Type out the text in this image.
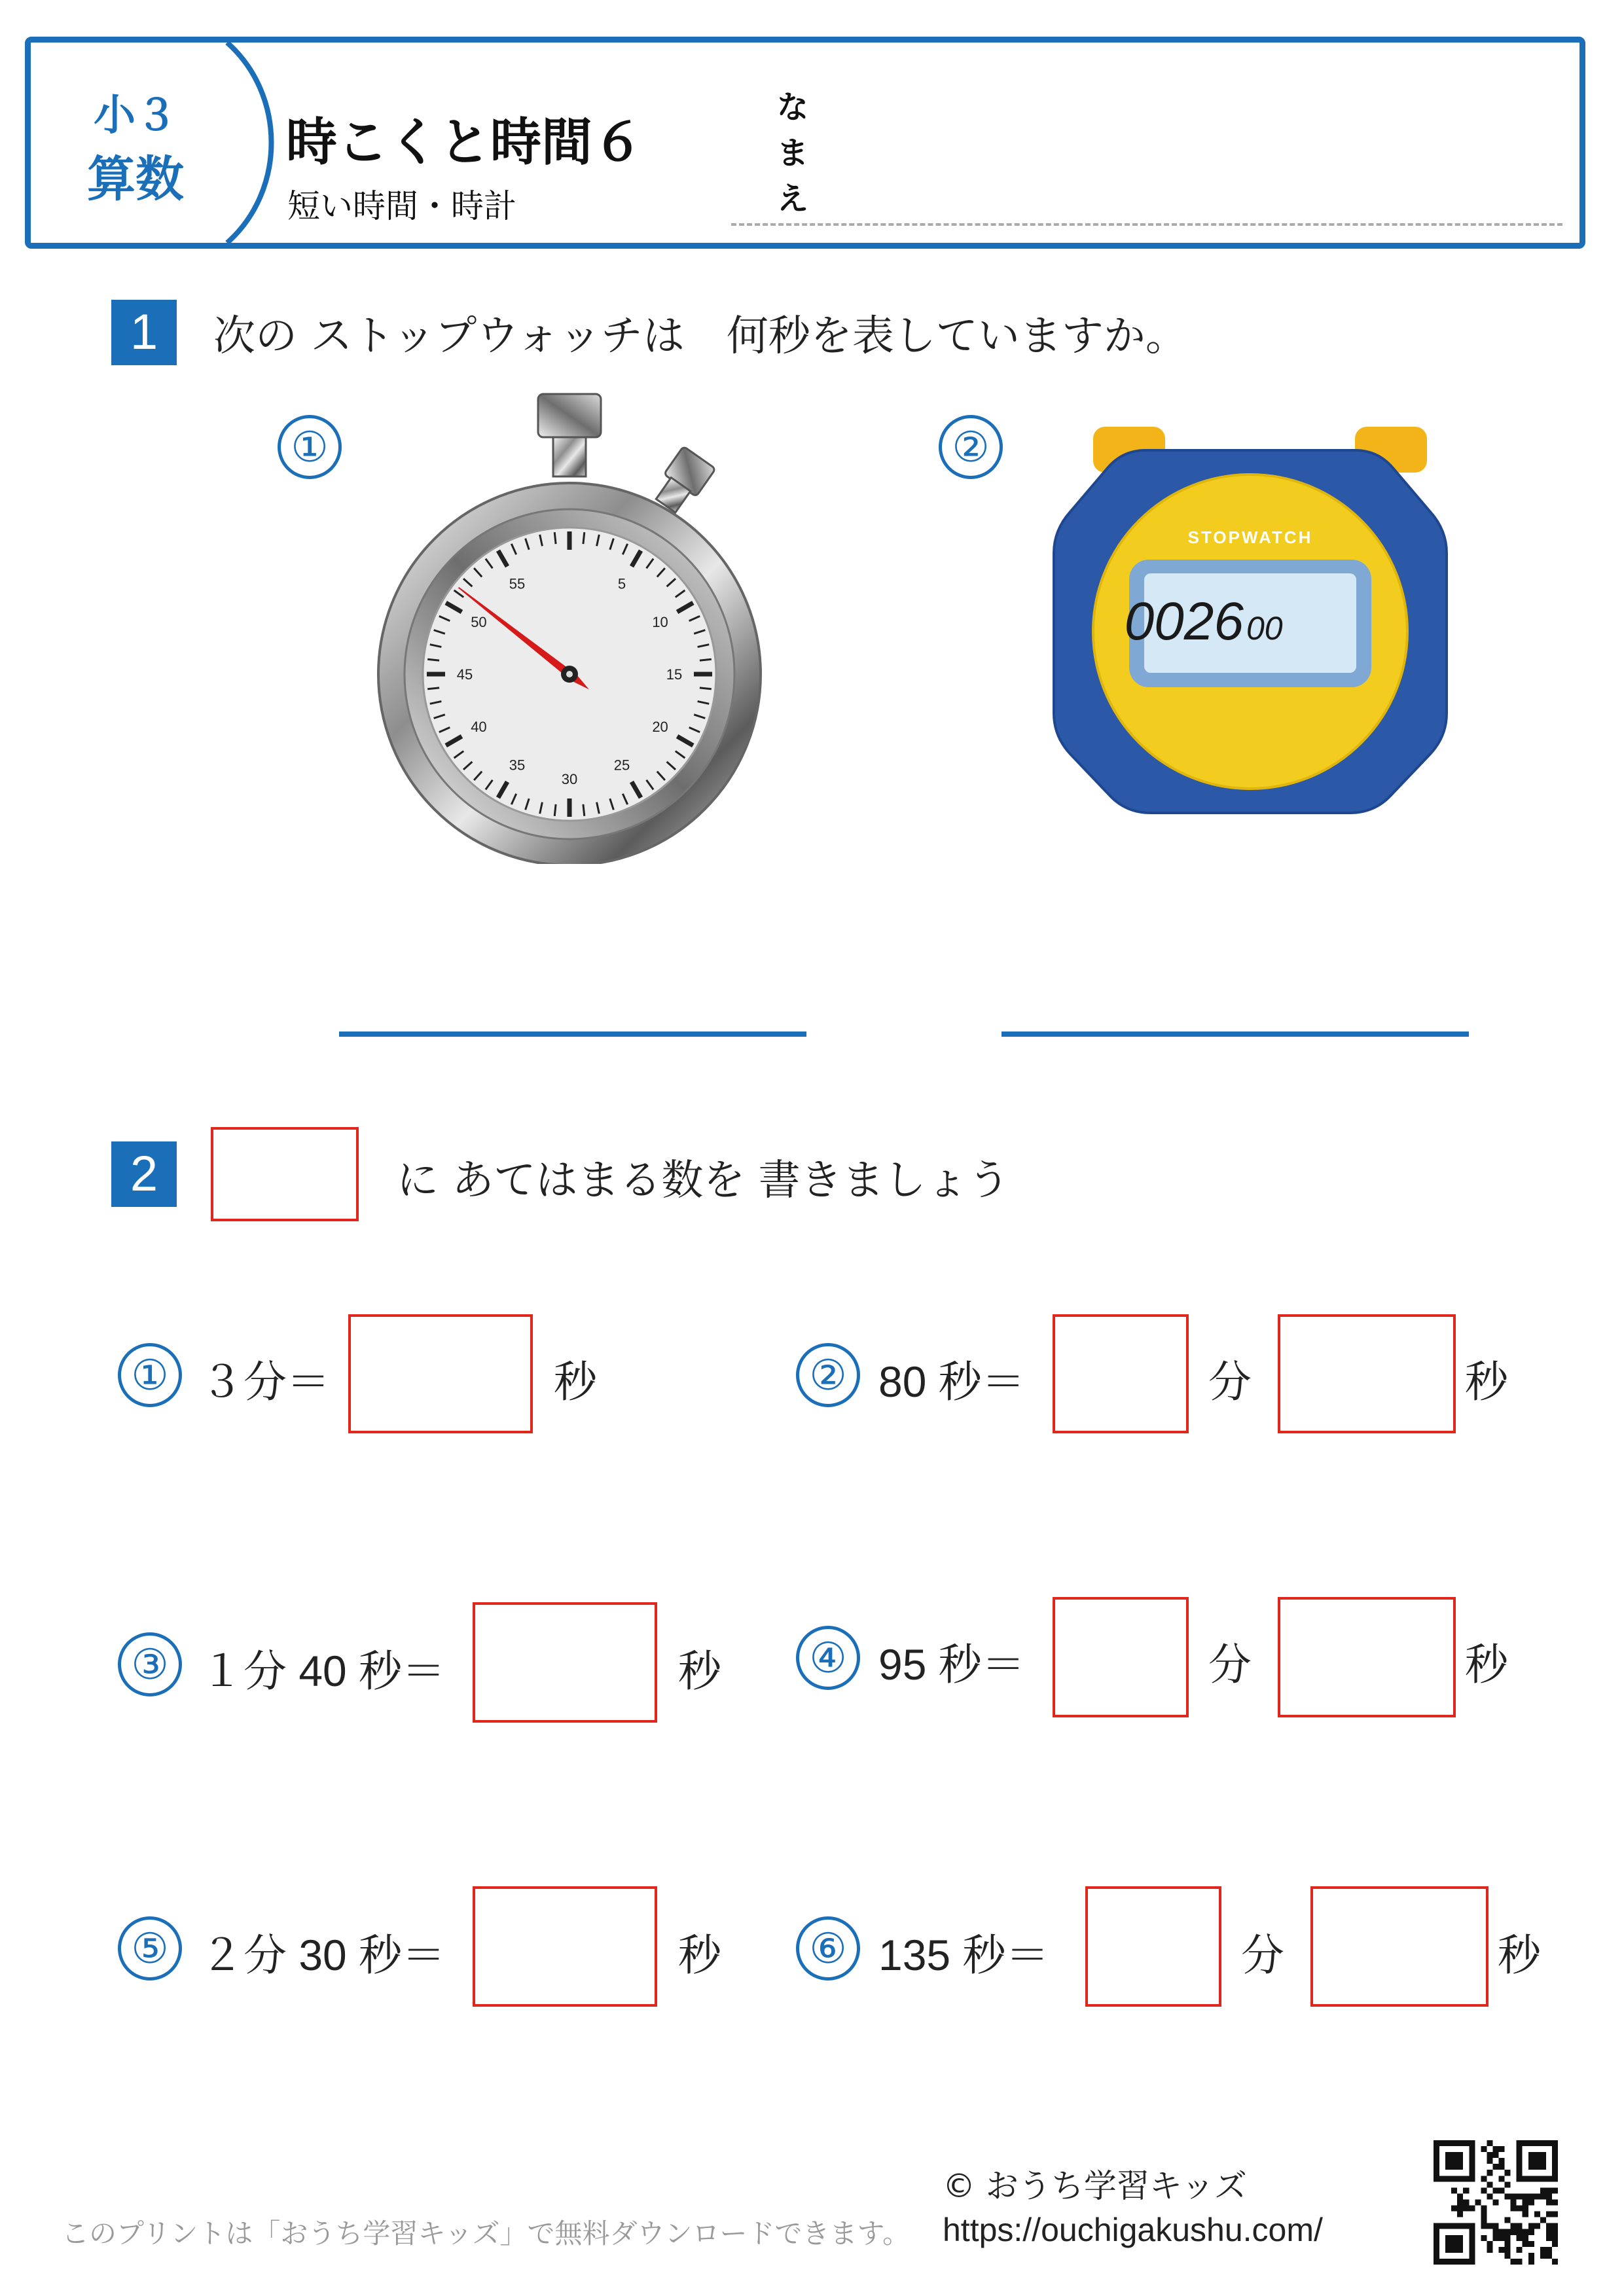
小３
算数
時こくと時間６
短い時間・時計
な
ま
え
1	次の ストップウォッチは　何秒を表していますか。
①	②
5
10
15
20
25
30
35
40
45
50
55
STOPWATCH
0026 00
2	に あてはまる数を 書きましょう
① ３分＝	秒	② 80 秒＝	分	秒
③ １分 40 秒＝	秒	④ 95 秒＝	分	秒
⑤ ２分 30 秒＝	秒	⑥ 135 秒＝	分	秒
このプリントは「おうち学習キッズ」で無料ダウンロードできます。
© おうち学習キッズ
https://ouchigakushu.com/
